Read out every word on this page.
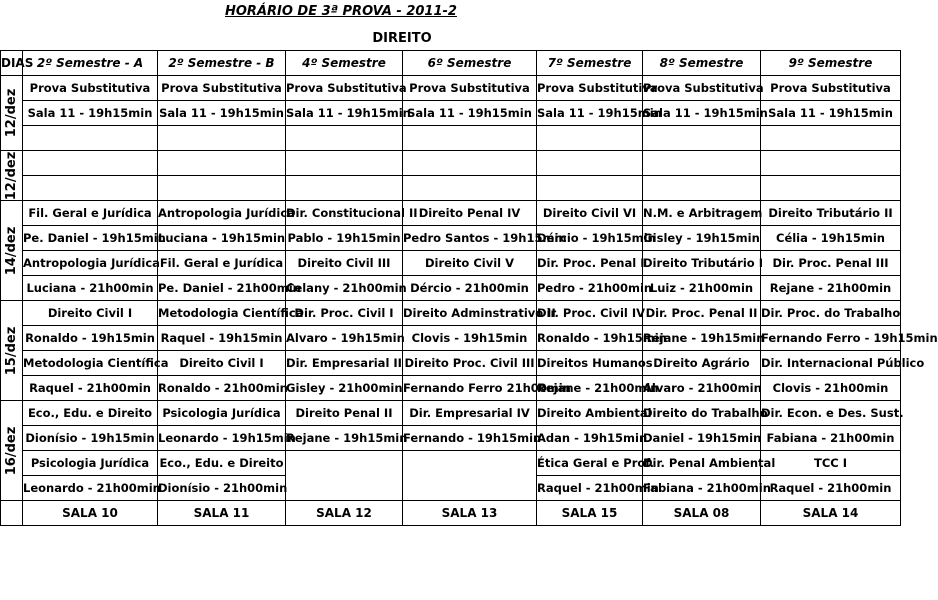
HORÁRIO DE 3ª PROVA - 2011-2
DIREITO
DIAS	2º Semestre - A	2º Semestre - B	4º Semestre	6º Semestre	7º Semestre	8º Semestre	9º Semestre

12/dez	Prova Substitutiva	Prova Substitutiva	Prova Substitutiva	Prova Substitutiva	Prova Substitutiva	Prova Substitutiva	Prova Substitutiva
	Sala 11 - 19h15min	Sala 11 - 19h15min	Sala 11 - 19h15min	Sala 11 - 19h15min	Sala 11 - 19h15min	Sala 11 - 19h15min	Sala 11 - 19h15min

12/dez							

14/dez	Fil. Geral e Jurídica	Antropologia Jurídica	Dir. Constitucional II	Direito Penal IV	Direito Civil VI	N.M. e Arbitragem	Direito Tributário II
	Pe. Daniel - 19h15min	Luciana - 19h15min	Pablo - 19h15min	Pedro Santos - 19h15min	Dércio - 19h15min	Gisley - 19h15min	Célia - 19h15min
	Antropologia Jurídica	Fil. Geral e Jurídica	Direito Civil III	Direito Civil V	Dir. Proc. Penal I	Direito Tributário I	Dir. Proc. Penal III
	Luciana - 21h00min	Pe. Daniel - 21h00min	Celany - 21h00min	Dércio - 21h00min	Pedro - 21h00min	Luiz - 21h00min	Rejane - 21h00min

15/dez	Direito Civil I	Metodologia Científica	Dir. Proc. Civil I	Direito Adminstrativo II	Dir. Proc. Civil IV	Dir. Proc. Penal II	Dir. Proc. do Trabalho
	Ronaldo - 19h15min	Raquel - 19h15min	Alvaro - 19h15min	Clovis - 19h15min	Ronaldo - 19h15min	Rejane - 19h15min	Fernando Ferro - 19h15min
	Metodologia Científica	Direito Civil I	Dir. Empresarial II	Direito Proc. Civil III	Direitos Humanos	Direito Agrário	Dir. Internacional Público
	Raquel - 21h00min	Ronaldo - 21h00min	Gisley - 21h00min	Fernando Ferro 21h00min	Rejane - 21h00min	Alvaro - 21h00min	Clovis - 21h00min

16/dez	Eco., Edu. e Direito	Psicologia Jurídica	Direito Penal II	Dir. Empresarial IV	Direito Ambiental	Direito do Trabalho	Dir. Econ. e Des. Sust.
	Dionísio - 19h15min	Leonardo - 19h15min	Rejane - 19h15min	Fernando - 19h15min	Adan - 19h15min	Daniel - 19h15min	Fabiana - 21h00min
	Psicologia Jurídica	Eco., Edu. e Direito			Ética Geral e Prof.	Dir. Penal Ambiental	TCC I
	Leonardo - 21h00min	Dionísio - 21h00min			Raquel - 21h00min	Fabiana - 21h00min	Raquel - 21h00min
	SALA 10	SALA 11	SALA 12	SALA 13	SALA 15	SALA 08	SALA 14
